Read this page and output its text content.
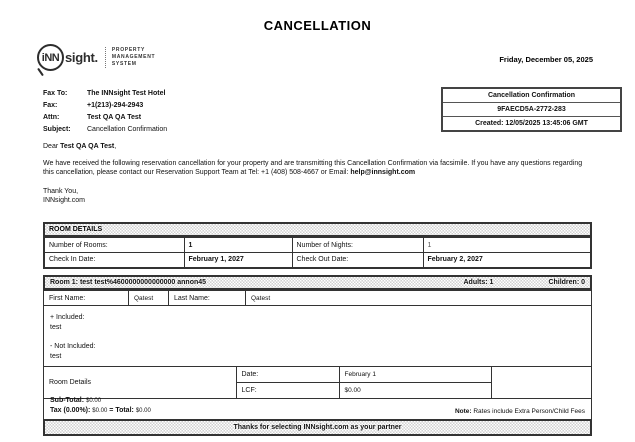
CANCELLATION
iNN sight.	PROPERTY
MANAGEMENT
SYSTEM	Friday, December 05, 2025
Fax To:	The INNsight Test Hotel
Fax:	+1(213)-294-2943
Attn:	Test QA QA Test
Subject:	Cancellation Confirmation
Cancellation Confirmation
9FAECD5A-2772-283
Created: 12/05/2025 13:45:06 GMT
Dear Test QA QA Test,
We have received the following reservation cancellation for your property and are transmitting this Cancellation Confirmation via facsimile. If you have any questions regarding this cancellation, please contact our Reservation Support Team at Tel: +1 (408) 508-4667 or Email: help@innsight.com
Thank You,
INNsight.com
ROOM DETAILS
Number of Rooms:	1	Number of Nights:	1
Check In Date:	February 1, 2027	Check Out Date:	February 2, 2027
Room 1: test test%4600000000000000 annon45	Adults: 1	Children: 0
First Name:	Qatest	Last Name:	Qatest
+ Included:
test
- Not Included:
test
Room Details	Date:	February 1	
	LCF:	$0.00	
Sub-Total: $0.00
Tax (0.00%): $0.00 = Total: $0.00	Note: Rates include Extra Person/Child Fees
Thanks for selecting INNsight.com as your partner
